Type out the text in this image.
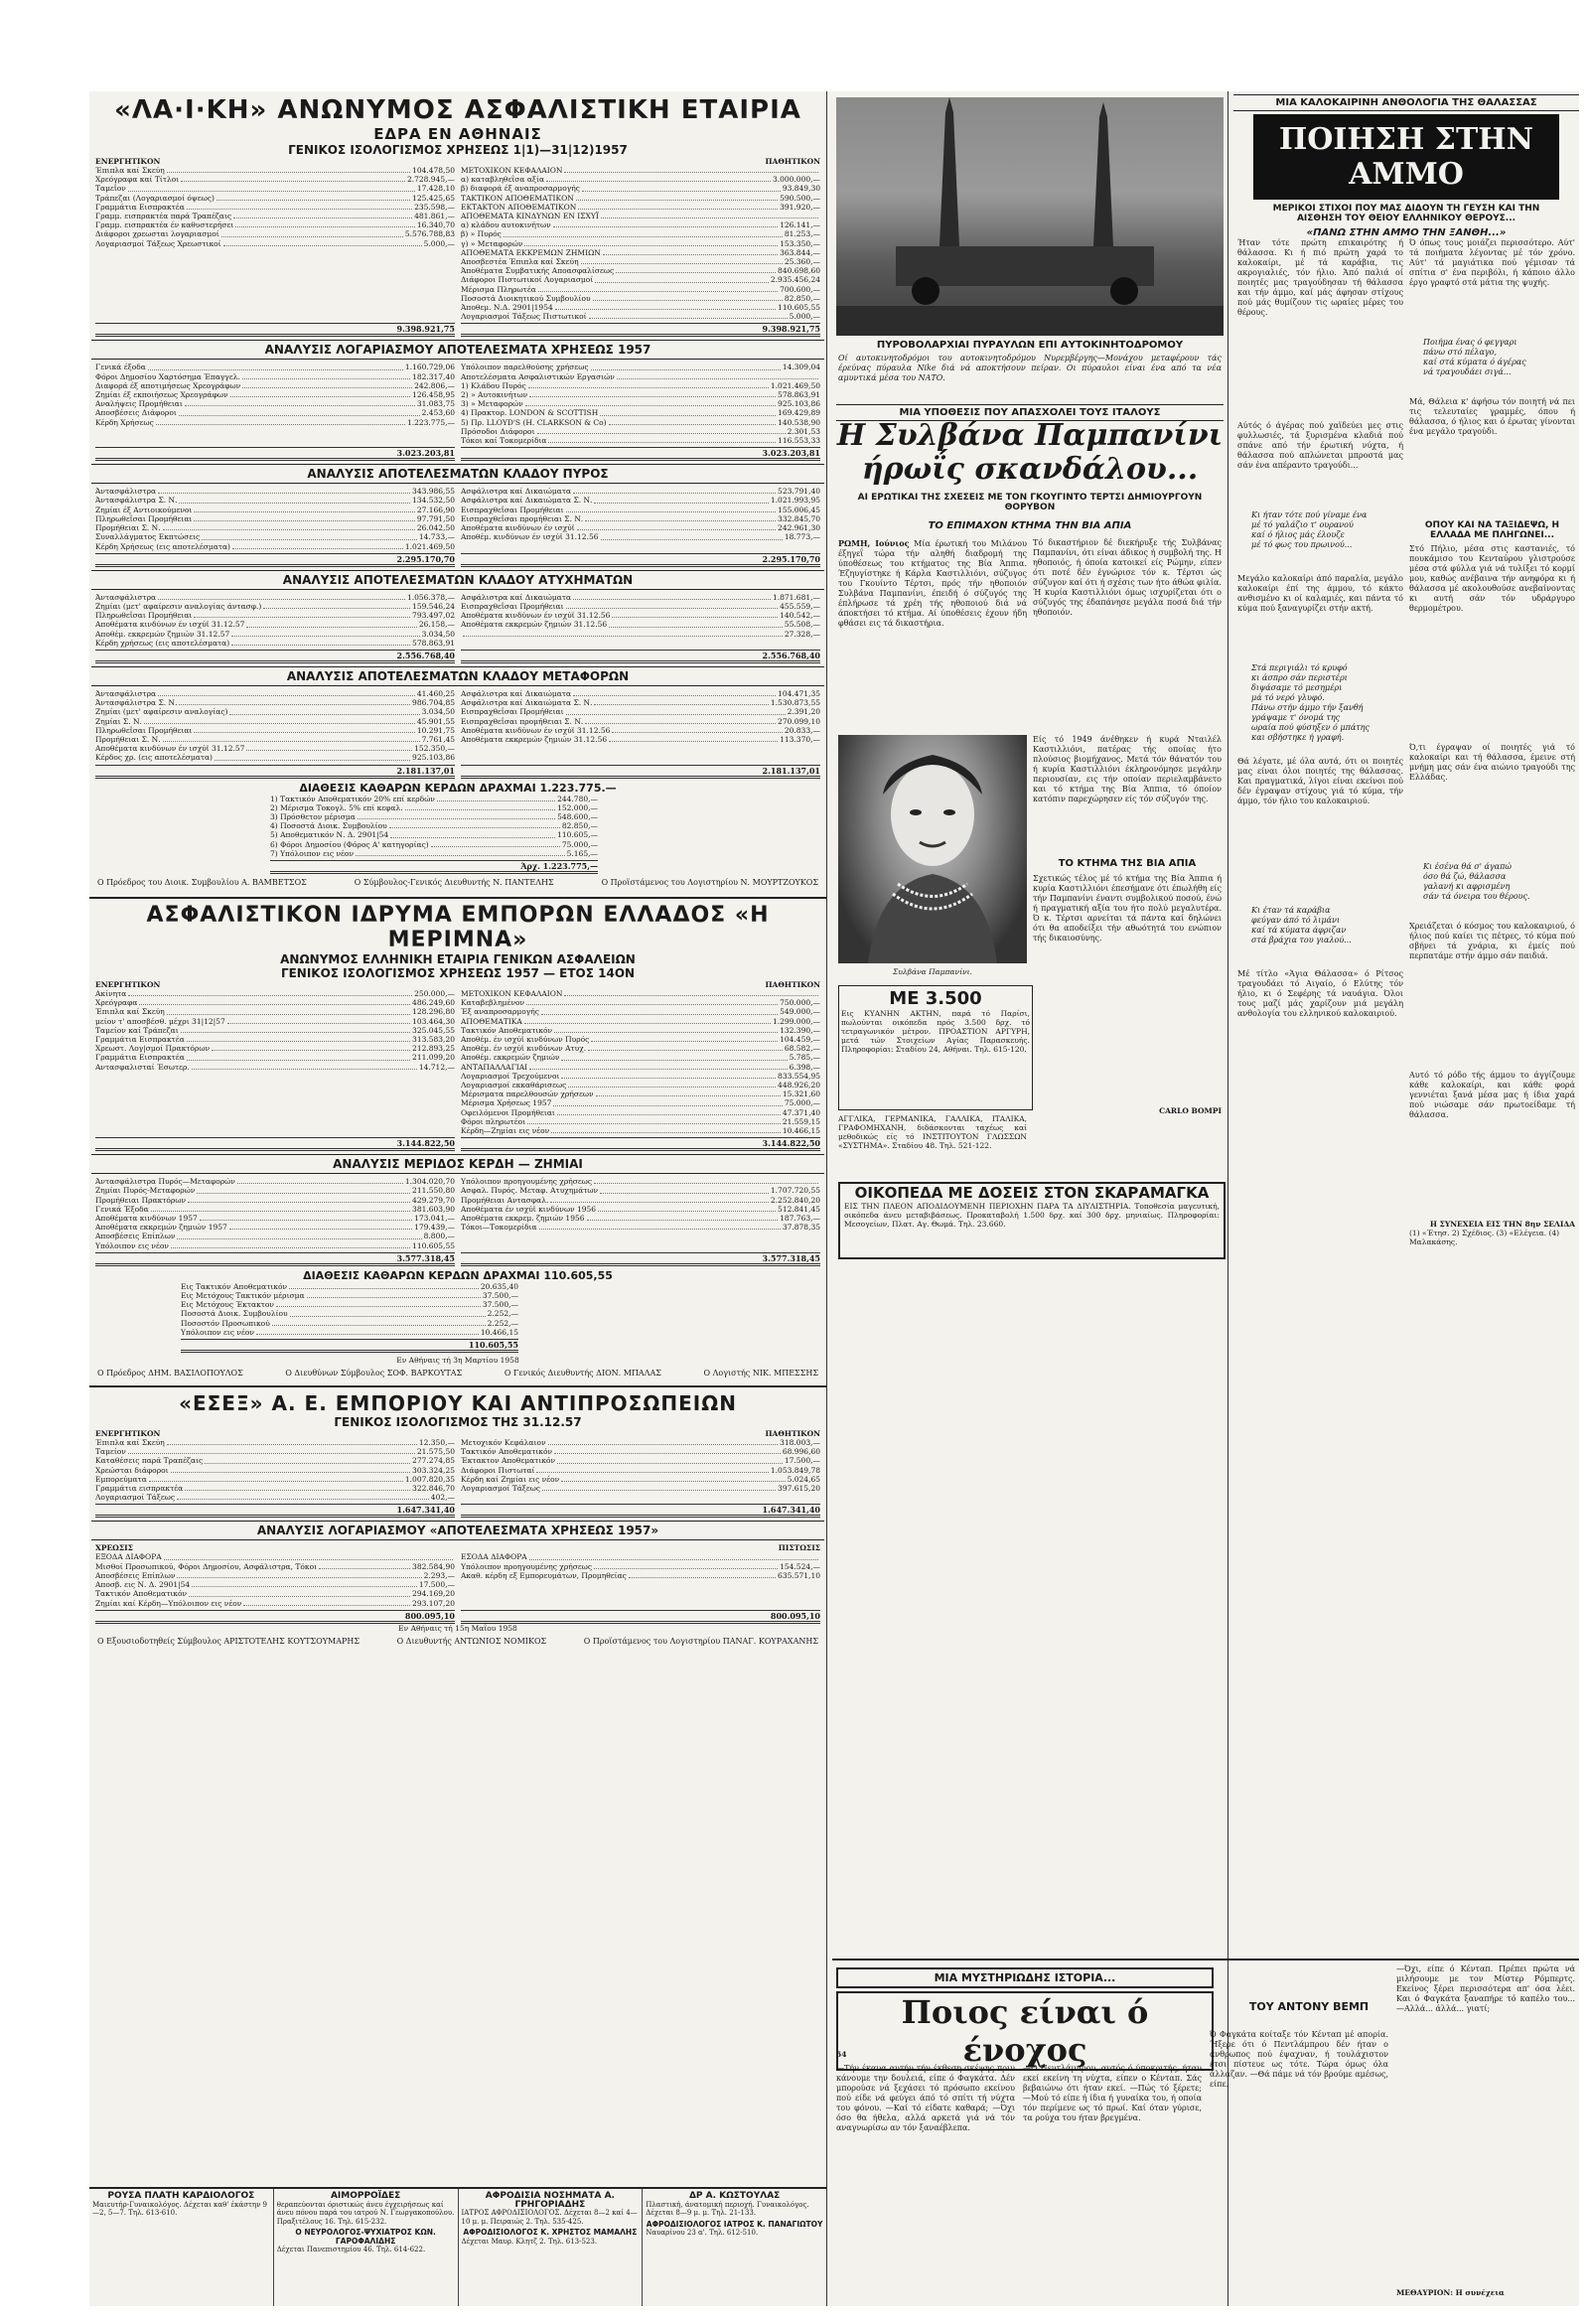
«ΛΑ·Ι·ΚΗ» ΑΝΩΝΥΜΟΣ ΑΣΦΑΛΙΣΤΙΚΗ ΕΤΑΙΡΙΑ
ΕΔΡΑ ΕΝ ΑΘΗΝΑΙΣ
ΓΕΝΙΚΟΣ ΙΣΟΛΟΓΙΣΜΟΣ ΧΡΗΣΕΩΣ 1|1)—31|12)1957
ΕΝΕΡΓΗΤΙΚΟΝ
Έπιπλα καί Σκεύη	104.478,50
Χρεόγραφα καί Τίτλοι	2.728.945,—
Ταμεΐον	17.428,10
Τράπεζαι (Λογαριασμοί όψεως)	125.425,65
Γραμμάτια Εισπρακτέα	235.598,—
Γραμμ. εισπρακτέα παρά Τραπέζαις	481.861,—
Γραμμ. εισπρακτέα έν καθυστερήσει	16.340,70
Διάφοροι χρεωσται λογαριασμοί	5.576.788,83
Λογαριασμοί Τάξεως Χρεωστικοί	5.000,—
ΠΑΘΗΤΙΚΟΝ
ΜΕΤΟΧΙΚΟΝ ΚΕΦΑΛΑΙΟΝ
α) καταβληθεΐσα αξία	3.000.000,—
β) διαφορά έξ αναπροσαρμογής	93.849,30
ΤΑΚΤΙΚΟΝ ΑΠΟΘΕΜΑΤΙΚΟΝ	590.500,—
ΕΚΤΑΚΤΟΝ ΑΠΟΘΕΜΑΤΙΚΟΝ	391.920,—
ΑΠΟΘΕΜΑΤΑ ΚΙΝΔΥΝΩΝ ΕΝ ΙΣΧΥΪ
α) κλάδου αυτοκινήτων	126.141,—
β) » Πυρός	81.253,—
γ) » Μεταφορών	153.350,—
ΑΠΟΘΕΜΑΤΑ ΕΚΚΡΕΜΩΝ ΖΗΜΙΩΝ	363.844,—
Αποσβεστέα Έπιπλα καί Σκεύη	25.360,—
Άποθέματα Συμβατικής Αποασφαλίσεως	840.698,60
Διάφοροι Πιστωτικοί Λογαριασμοί	2.935.456,24
Μέρισμα Πληρωτέα	700.600,—
Ποσοστά Διοικητικού Συμβουλίου	82.850,—
Άποθεμ. Ν.Δ. 2901|1954	110.605,55
Λογαριασμοί Τάξεως Πιστωτικοί	5.000,—
9.398.921,75	9.398.921,75
ΑΝΑΛΥΣΙΣ ΛΟΓΑΡΙΑΣΜΟΥ ΑΠΟΤΕΛΕΣΜΑΤΑ ΧΡΗΣΕΩΣ 1957
Γενικά έξοδα	1.160.729,06
Φόροι Δημοσίου Χαρτόσημα Έπαγγελ.	182.317,40
Διαφορά έξ αποτιμήσεως Χρεογράφων	242.806,—
Ζημίαι έξ εκποιήσεως Χρεογράφων	126.458,95
Αναλήψεις Προμήθειαι	31.083,75
Αποσβέσεις Διάφοροι	2.453,60
Κέρδη Χρήσεως	1.223.775,—
Υπόλοιπον παρελθούσης χρήσεως	14.309,04
Αποτελέσματα Ασφαλιστικών Εργασιών
1) Κλάδου Πυρός	1.021.469,50
2) » Αυτοκινήτων	578.863,91
3) » Μεταφορών	925.103,86
4) Πρακτορ. LONDON & SCOTTISH	169.429,89
5) Πρ. LLOYD'S (H. CLARKSON & Co)	140.538,90
Πρόσοδοι Διάφοροι	2.301,53
Τόκοι καί Τοκομερίδια	116.553,33
3.023.203,81	3.023.203,81
ΑΝΑΛΥΣΙΣ ΑΠΟΤΕΛΕΣΜΑΤΩΝ ΚΛΑΔΟΥ ΠΥΡΟΣ
Άντασφάλιστρα	343.986,55
Άντασφάλιστρα Σ. Ν.	134.532,50
Ζημίαι έξ Αντιοικούμενοι	27.166,90
Πληρωθεΐσαι Προμήθειαι	97.791,50
Προμήθειαι Σ. Ν.	26.042,50
Συναλλάγματος Εκπτώσεις	14.733,—
Κέρδη Χρήσεως (εις αποτελέσματα)	1.021.469,50
Ασφάλιστρα καί Δικαιώματα	523.791,40
Ασφάλιστρα καί Δικαιώματα Σ. Ν.	1.021.993,95
Εισπραχθεΐσαι Προμήθειαι	155.006,45
Εισπραχθεΐσαι προμήθειαι Σ. Ν.	332.845,70
Αποθέματα κινδύνων έν ισχύϊ	242.961,30
Αποθέμ. κινδύνων έν ισχύϊ 31.12.56	18.773,—
2.295.170,70	2.295.170,70
ΑΝΑΛΥΣΙΣ ΑΠΟΤΕΛΕΣΜΑΤΩΝ ΚΛΑΔΟΥ ΑΤΥΧΗΜΑΤΩΝ
Άντασφάλιστρα	1.056.378,—
Ζημίαι (μετ' αφαίρεσιν αναλογίας άντασφ.)	159.546,24
Πληρωθεΐσαι Προμήθειαι	793.497,02
Αποθέματα κινδύνων έν ισχύϊ 31.12.57	26.158,—
Αποθέμ. εκκρεμών ζημιών 31.12.57	3.034,50
Κέρδη χρήσεως (εις αποτελέσματα)	578.863,91
Ασφάλιστρα καί Δικαιώματα	1.871.681,—
Εισπραχθεΐσαι Προμήθειαι	455.559,—
Αποθέματα κινδύνων έν ισχύϊ 31.12.56	140.542,—
Αποθέματα εκκρεμών ζημιών 31.12.56	55.508,—
27.328,—
2.556.768,40	2.556.768,40
ΑΝΑΛΥΣΙΣ ΑΠΟΤΕΛΕΣΜΑΤΩΝ ΚΛΑΔΟΥ ΜΕΤΑΦΟΡΩΝ
Άντασφάλιστρα	41.460,25
Άντασφάλιστρα Σ. Ν.	986.704,85
Ζημίαι (μετ' αφαίρεσιν αναλογίας)	3.034,50
Ζημίαι Σ. Ν.	45.901,55
Πληρωθεΐσαι Προμήθειαι	10.291,75
Προμήθειαι Σ. Ν.	7.761,45
Αποθέματα κινδύνων έν ισχύϊ 31.12.57	152.350,—
Κέρδος χρ. (εις αποτελέσματα)	925.103,86
Ασφάλιστρα καί Δικαιώματα	104.471,35
Ασφάλιστρα καί Δικαιώματα Σ. Ν.	1.530.873,55
Εισπραχθεΐσαι Προμήθειαι	2.391,20
Εισπραχθεΐσαι προμήθειαι Σ. Ν.	270.099,10
Αποθέματα κινδύνων έν ισχύϊ 31.12.56	20.833,—
Αποθέματα εκκρεμών ζημιών 31.12.56	113.370,—
2.181.137,01	2.181.137,01
ΔΙΑΘΕΣΙΣ ΚΑΘΑΡΩΝ ΚΕΡΔΩΝ ΔΡΑΧΜΑΙ 1.223.775.—
1) Τακτικόν Αποθεματικόν 20% επί κερδών	244.780,—
2) Μέρισμα Τοκογλ. 5% επί κεφαλ.	152.000,—
3) Πρόσθετον μέρισμα	548.600,—
4) Ποσοστά Διοικ. Συμβουλίου	82.850,—
5) Αποθεματικόν Ν. Δ. 2901|54	110.605,—
6) Φόροι Δημοσίου (Φόρος Α' κατηγορίας)	75.000,—
7) Υπόλοιπον εις νέον	5.165,—
Άρχ. 1.223.775,—
Ο Πρόεδρος του Διοικ. Συμβουλίου Α. ΒΑΜΒΕΤΣΟΣ	Ο Σύμβουλος-Γενικός Διευθυντής Ν. ΠΑΝΤΕΛΗΣ	Ο Προϊστάμενος του Λογιστηρίου Ν. ΜΟΥΡΤΖΟΥΚΟΣ
ΑΣΦΑΛΙΣΤΙΚΟΝ ΙΔΡΥΜΑ ΕΜΠΟΡΩΝ ΕΛΛΑΔΟΣ «Η ΜΕΡΙΜΝΑ»
ΑΝΩΝΥΜΟΣ ΕΛΛΗΝΙΚΗ ΕΤΑΙΡΙΑ ΓΕΝΙΚΩΝ ΑΣΦΑΛΕΙΩΝ
ΓΕΝΙΚΟΣ ΙΣΟΛΟΓΙΣΜΟΣ ΧΡΗΣΕΩΣ 1957 — ΕΤΟΣ 14ΟΝ
ΕΝΕΡΓΗΤΙΚΟΝ
Ακίνητα	250.000,—
Χρεόγραφα	486.249,60
Έπιπλα καί Σκεύη	128.296,80
μείον τ' αποσβέσθ. μέχρι 31|12|57	103.464,30
Ταμείον καί Τράπεζαι	325.045,55
Γραμμάτια Εισπρακτέα	313.583,20
Χρεωστ. Λογ|σμοί Πρακτόρων	212.893,25
Γραμμάτια Εισπρακτέα	211.099,20
Αντασφαλισταί Έσωτερ.	14.712,—
ΠΑΘΗΤΙΚΟΝ
ΜΕΤΟΧΙΚΟΝ ΚΕΦΑΛΑΙΟΝ
Καταβεβλημένον	750.000,—
Έξ αναπροσαρμογής	549.000,—
ΑΠΟΘΕΜΑΤΙΚΑ	1.299.000,—
Τακτικόν Αποθεματικόν	132.390,—
Αποθέμ. έν ισχύϊ κινδύνων Πυρός	104.459,—
Αποθέμ. έν ισχύϊ κινδύνων Ατυχ.	68.582,—
Αποθέμ. εκκρεμών ζημιών	5.785,—
ΑΝΤΑΠΑΛΛΑΓΙΑΙ	6.398,—
Λογαριασμοί Τρεχούμενοι	833.554,95
Λογαριασμοί εκκαθάρισεως	448.926,20
Μέρισματα παρελθουσών χρήσεων	15.321,60
Μέρισμα Χρήσεως 1957	75.000,—
Οφειλόμενοι Προμήθειαι	47.371,40
Φόροι πληρωτέοι	21.559,15
Κέρδη—Ζημίαι εις νέον	10.466,15
3.144.822,50	3.144.822,50
ΑΝΑΛΥΣΙΣ ΜΕΡΙΔΟΣ ΚΕΡΔΗ — ΖΗΜΙΑΙ
Άντασφάλιστρα Πυρός—Μεταφορών	1.304.020,70
Ζημίαι Πυρός-Μεταφορών	211.550,80
Προμήθειαι Πρακτόρων	429.279,70
Γενικά Έξοδα	381.603,90
Αποθέματα κινδύνων 1957	173.041,—
Αποθέματα εκκρεμών ζημιών 1957	179.439,—
Αποσβέσεις Επίπλων	8.800,—
Υπόλοιπον εις νέον	110.605,55
Υπόλοιπον προηγουμένης χρήσεως
Ασφαλ. Πυρός. Μεταφ. Ατυχημάτων	1.707.720,55
Προμήθειαι Αντασφαλ.	2.252.840,20
Αποθέματα έν ισχύϊ κινδύνων 1956	512.841,45
Αποθέματα εκκρεμ. ζημιών 1956	187.763,—
Τόκοι—Τοκομερίδια	37.878,35
3.577.318,45	3.577.318,45
ΔΙΑΘΕΣΙΣ ΚΑΘΑΡΩΝ ΚΕΡΔΩΝ ΔΡΑΧΜΑΙ 110.605,55
Εις Τακτικόν Αποθεματικόν	20.635,40
Εις Μετόχους Τακτικόν μέρισμα	37.500,—
Εις Μετόχους Έκτακτον	37.500,—
Ποσοστά Διοικ. Συμβουλίου	2.252,—
Ποσοστόν Προσωπικού	2.252,—
Υπόλοιπον εις νέον	10.466,15
110.605,55
Εν Αθήναις τή 3η Μαρτίου 1958
Ο Πρόεδρος ΔΗΜ. ΒΑΣΙΛΟΠΟΥΛΟΣ	Ο Διευθύνων Σύμβουλος ΣΟΦ. ΒΑΡΚΟΥΤΑΣ	Ο Γενικός Διευθυντής ΔΙΟΝ. ΜΠΑΛΑΣ	Ο Λογιστής ΝΙΚ. ΜΠΕΣΣΗΣ
«ΕΣΕΞ» Α. Ε. ΕΜΠΟΡΙΟΥ ΚΑΙ ΑΝΤΙΠΡΟΣΩΠΕΙΩΝ
ΓΕΝΙΚΟΣ ΙΣΟΛΟΓΙΣΜΟΣ ΤΗΣ 31.12.57
ΕΝΕΡΓΗΤΙΚΟΝ
Έπιπλα καί Σκεύη	12.350,—
Ταμείον	21.575,50
Καταθέσεις παρά Τραπέζαις	277.274,85
Χρεώσται διάφοροι	303.324,25
Εμπορεύματα	1.007.820,35
Γραμμάτια εισπρακτέα	322.846,70
Λογαριασμοί Τάξεως	402,—
ΠΑΘΗΤΙΚΟΝ
Μετοχικόν Κεφάλαιον	318.003,—
Τακτικόν Αποθεματικόν	68.996,60
Έκτακτον Αποθεματικόν	17.500,—
Διάφοροι Πιστωταί	1.053.849,78
Κέρδη καί Ζημίαι εις νέον	5.024,65
Λογαριασμοί Τάξεως	397.615,20
1.647.341,40	1.647.341,40
ΑΝΑΛΥΣΙΣ ΛΟΓΑΡΙΑΣΜΟΥ «ΑΠΟΤΕΛΕΣΜΑΤΑ ΧΡΗΣΕΩΣ 1957»
ΧΡΕΩΣΙΣ
ΕΞΟΔΑ ΔΙΑΦΟΡΑ
Μισθοί Προσωπικού, Φόροι Δημοσίου, Ασφάλιστρα, Τόκοι	382.584,90
Αποσβέσεις Επίπλων	2.293,—
Αποσβ. εις Ν. Δ. 2901|54	17.500,—
Τακτικόν Αποθεματικόν	294.169,20
Ζημίαι καί Κέρδη—Υπόλοιπον εις νέον	293.107,20
ΠΙΣΤΩΣΙΣ
ΕΣΟΔΑ ΔΙΑΦΟΡΑ
Υπόλοιπον προηγουμένης χρήσεως	154.524,—
Ακαθ. κέρδη εξ Εμπορευμάτων, Προμηθείας	635.571,10
800.095,10	800.095,10
Εν Αθήναις τή 15η Μαΐου 1958
Ο Εξουσιοδοτηθείς Σύμβουλος ΑΡΙΣΤΟΤΕΛΗΣ ΚΟΥΤΣΟΥΜΑΡΗΣ	Ο Διευθυντής ΑΝΤΩΝΙΟΣ ΝΟΜΙΚΟΣ	Ο Προϊστάμενος του Λογιστηρίου ΠΑΝΑΓ. ΚΟΥΡΑΧΑΝΗΣ
ΡΟΥΣΑ ΠΛΑΤΗ ΚΑΡΔΙΟΛΟΓΟΣ
Μαιευτήρ-Γυναικολόγος. Δέχεται καθ' έκάστην 9—2, 5—7. Τηλ. 613-610.
ΑΙΜΟΡΡΟΪΔΕΣ
θεραπεύονται όριστικώς άνευ έγχειρήσεως καί άνευ πόνου παρά του ιατρού Ν. Γεωργακοπούλου. Πραξιτέλους 16. Τηλ. 615-232.

Ο ΝΕΥΡΟΛΟΓΟΣ-ΨΥΧΙΑΤΡΟΣ ΚΩΝ. ΓΑΡΟΦΑΛΙΔΗΣ
Δέχεται Πανεπιστημίου 46. Τηλ. 614-622.
ΑΦΡΟΔΙΣΙΑ ΝΟΣΗΜΑΤΑ Α. ΓΡΗΓΟΡΙΑΔΗΣ
ΙΑΤΡΟΣ ΑΦΡΟΔΙΣΙΟΛΟΓΟΣ. Δέχεται 8—2 καί 4—10 μ. μ. Πειραιώς 2. Τηλ. 535-425.

ΑΦΡΟΔΙΣΙΟΛΟΓΟΣ Κ. ΧΡΗΣΤΟΣ ΜΑΜΑΛΗΣ
Δέχεται Μαυρ. Κλητζ 2. Τηλ. 613-523.
ΔΡ Α. ΚΩΣΤΟΥΛΑΣ
Πλαστική, άνατομική περιοχή. Γυναικολόγος. Δέχεται 8—9 μ. μ. Τηλ. 21-133.

ΑΦΡΟΔΙΣΙΟΛΟΓΟΣ ΙΑΤΡΟΣ Κ. ΠΑΝΑΓΙΩΤΟΥ
Ναυαρίνου 23 α'. Τηλ. 612-510.
ΠΥΡΟΒΟΛΑΡΧΙΑΙ ΠΥΡΑΥΛΩΝ ΕΠΙ ΑΥΤΟΚΙΝΗΤΟΔΡΟΜΟΥ
Οί αυτοκινητοδρόμοι του αυτοκινητοδρόμου Νυρεμβέργης—Μονάχου μεταφέρουν τάς έρεύνας πύραυλα Nike διά νά αποκτήσουν πείραν. Οι πύραυλοι είναι ένα από τα νέα αμυντικά μέσα του ΝΑΤΟ.
ΜΙΑ ΥΠΟΘΕΣΙΣ ΠΟΥ ΑΠΑΣΧΟΛΕΙ ΤΟΥΣ ΙΤΑΛΟΥΣ
Η Συλβάνα Παμπανίνι ήρωΐς σκανδάλου...
ΑΙ ΕΡΩΤΙΚΑΙ ΤΗΣ ΣΧΕΣΕΙΣ ΜΕ ΤΟΝ ΓΚΟΥΓΙΝΤΟ ΤΕΡΤΣΙ ΔΗΜΙΟΥΡΓΟΥΝ ΘΟΡΥΒΟΝ
ΤΟ ΕΠΙΜΑΧΟΝ ΚΤΗΜΑ ΤΗΝ ΒΙΑ ΑΠΙΑ
ΡΩΜΗ, Ιούνιος Μία έρωτική του Μιλάνου έξηγεΐ τώρα τήν αληθή διαδρομή της ύποθέσεως του κτήματος της Βία Άππια. Έζηυγίστηκε ή Κάρλα Καστιλλιόνι, σύζυγος του Γκουίντο Τέρτσι, πρός τήν ηθοποιόν Συλβάνα Παμπανίνι, έπειδή ό σύζυγός της έπλήρωσε τά χρέη τής ηθοποιού διά νά άποκτήσει τό κτήμα. Αί ύποθέσεις έχουν ήδη φθάσει εις τά δικαστήρια.
Τό δικαστήριον δέ διεκήρυξε τής Συλβάνας Παμπανίνι, ότι είναι άδικος ή συμβολή της. Η ηθοποιός, ή όποία κατοικεί είς Ρώμην, είπεν ότι ποτέ δέν έγνώρισε τόν κ. Τέρτσι ώς σύζυγον καί ότι ή σχέσις των ήτο άθώα φιλία. Ή κυρία Καστιλλιόνι όμως ισχυρίζεται ότι ο σύζυγός της έδαπάνησε μεγάλα ποσά διά τήν ηθοποιόν.
Συλβάνα Παμπανίνι.
Είς τό 1949 άνέθηκεν ή κυρά Νταιλέλ Καστιλλιόνι, πατέρας τής οποίας ήτο πλούσιος βιομήχανος. Μετά τόν θάνατόν του ή κυρία Καστιλλιόνι έκληρονόμησε μεγάλην περιουσίαν, εις τήν οποίαν περιελαμβάνετο και τό κτήμα της Βία Άππια, τό όποίον κατόπιν παρεχώρησεν είς τόν σύζυγόν της.
ΤΟ ΚΤΗΜΑ ΤΗΣ ΒΙΑ ΑΠΙΑ
Σχετικώς τέλος μέ τό κτήμα της Βία Άππια ή κυρία Καστιλλιόνι έπεσήμανε ότι έπωλήθη είς τήν Παμπανίνι έναντι συμβολικού ποσού, ένώ ή πραγματική αξία του ήτο πολύ μεγαλυτέρα. Ό κ. Τέρτσι αρνείται τά πάντα καί δηλώνει ότι θα αποδείξει τήν αθωότητά του ενώπιον τής δικαιοσύνης.
CARLO BOMPI
ΜΕ 3.500
Εις ΚΥΑΝΗΝ ΑΚΤΗΝ, παρά τό Παρίσι, πωλούνται οικόπεδα πρός 3.500 δρχ. τό τετραγωνικόν μέτρον. ΠΡΟΑΣΤΙΟΝ ΑΡΓΥΡΗ, μετά τών Στοιχείων Αγίας Παρασκευής. Πληροφορίαι: Σταδίου 24, Αθήναι. Τηλ. 615-120.
ΑΓΓΛΙΚΑ, ΓΕΡΜΑΝΙΚΑ, ΓΑΛΛΙΚΑ, ΙΤΑΛΙΚΑ, ΓΡΑΦΟΜΗΧΑΝΗ, διδάσκονται ταχέως καί μεθοδικώς είς τό ΙΝΣΤΙΤΟΥΤΟΝ ΓΛΩΣΣΩΝ «ΣΥΣΤΗΜΑ». Σταδίου 48. Τηλ. 521-122.
ΟΙΚΟΠΕΔΑ ΜΕ ΔΟΣΕΙΣ ΣΤΟΝ ΣΚΑΡΑΜΑΓΚΑ
ΕΙΣ ΤΗΝ ΠΛΕΟΝ ΑΠΟΔΙΔΟΥΜΕΝΗ ΠΕΡΙΟΧΗΝ ΠΑΡΑ ΤΑ ΔΙΥΛΙΣΤΗΡΙΑ. Τοποθεσία μαγευτική, οικόπεδα άνευ μεταβιβάσεως. Προκαταβολή 1.500 δρχ. καί 300 δρχ. μηνιαίως. Πληροφορίαι: Μεσογείων, Πλατ. Αγ. Θωμά. Τηλ. 23.660.
ΜΙΑ ΚΑΛΟΚΑΙΡΙΝΗ ΑΝΘΟΛΟΓΙΑ ΤΗΣ ΘΑΛΑΣΣΑΣ
ΠΟΙΗΣΗ ΣΤΗΝ ΑΜΜΟ
ΜΕΡΙΚΟΙ ΣΤΙΧΟΙ ΠΟΥ ΜΑΣ ΔΙΔΟΥΝ ΤΗ ΓΕΥΣΗ ΚΑΙ ΤΗΝ ΑΙΣΘΗΣΗ ΤΟΥ ΘΕΙΟΥ ΕΛΛΗΝΙΚΟΥ ΘΕΡΟΥΣ...
«ΠΑΝΩ ΣΤΗΝ ΑΜΜΟ ΤΗΝ ΞΑΝΘΗ...»
Ήταν τότε πρώτη επικαιρότης ή θάλασσα. Κι ή πιό πρώτη χαρά το καλοκαίρι, μέ τά καράβια, τις ακρογιαλιές, τόν ήλιο. Άπό παλιά οί ποιητές μας τραγούδησαν τή θάλασσα και τήν άμμο, καί μάς άφησαν στίχους πού μάς θυμίζουν τις ωραίες μέρες του θέρους.
Αύτός ό άγέρας πού χαϊδεύει μες στις φυλλωσιές, τά ξυρισμένα κλαδιά πού σπάνε από τήν έρωτική νύχτα, ή θάλασσα πού απλώνεται μπροστά μας σάν ένα απέραντο τραγούδι...
Κι ήταν τότε πού γίναμε ένα
μέ τό γαλάζιο τ' ουρανού
καί ό ήλιος μάς έλουζε
μέ τό φως του πρωινού...
Μεγάλο καλοκαίρι άπό παραλία, μεγάλο καλοκαίρι έπί της άμμου, τό κάκτο ανθισμένο κι οί καλαμιές, και πάντα τό κύμα πού ξαναγυρίζει στήν ακτή.
Στά περιγιάλι τό κρυφό
κι άσπρο σάν περιστέρι
διψάσαμε τό μεσημέρι
μά τό νερό γλυφό.
Πάνω στήν άμμο τήν ξανθή
γράψαμε τ' όνομά της
ωραία πού φύσηξεν ό μπάτης
και σβήστηκε ή γραφή.
Θά λέγατε, μέ όλα αυτά, ότι οι ποιητές μας είναι όλοι ποιητές της θάλασσας. Και πραγματικά, λίγοι είναι εκείνοι πού δέν έγραψαν στίχους γιά τό κύμα, τήν άμμο, τόν ήλιο του καλοκαιριού.
Κι έταν τά καράβια
φεύγαν άπό τό λιμάνι
καί τά κύματα άφριζαν
στά βράχια του γιαλού...
Μέ τίτλο «Άγια Θάλασσα» ό Ρίτσος τραγουδάει τό Αιγαίο, ό Ελύτης τόν ήλιο, κι ό Σεφέρης τά ναυάγια. Όλοι τους μαζί μάς χαρίζουν μιά μεγάλη ανθολογία του ελληνικού καλοκαιριού.
Ό όπως τους μοιάζει περισσότερο. Αύτ' τά ποιήματα λέγοντας μέ τόν χρόνο. Αύτ' τά μαγιάτικα πού γέμισαν τά σπίτια σ' ένα περιβόλι, ή κάποιο άλλο έργο γραφτό στά μάτια της ψυχής.
Ποιήμα ένας ό φεγγαρι
πάνω στό πέλαγο,
καί στά κύματα ό άγέρας
νά τραγουδάει σιγά...
Μά, Θάλεια κ' άφήσω τόν ποιητή νά πει τις τελευταίες γραμμές, όπου ή θάλασσα, ό ήλιος και ό έρωτας γίνονται ένα μεγάλο τραγούδι.
ΟΠΟΥ ΚΑΙ ΝΑ ΤΑΞΙΔΕΨΩ, Η ΕΛΛΑΔΑ ΜΕ ΠΛΗΓΩΝΕΙ...
Στό Πήλιο, μέσα στις καστανιές, τό πουκάμισο του Κενταύρου γλιστρούσε μέσα στά φύλλα γιά νά τυλίξει τό κορμί μου, καθώς ανέβαινα τήν ανηφόρα κι ή θάλασσα μέ ακολουθούσε ανεβαίνοντας κι αυτή σάν τόν υδράργυρο θερμομέτρου.
Ό,τι έγραψαν οί ποιητές γιά τό καλοκαίρι και τή θάλασσα, έμεινε στή μνήμη μας σάν ένα αιώνιο τραγούδι της Ελλάδας.
Κι έσένα θά σ' άγαπώ
όσο θά ζώ, θάλασσα
γαλανή κι αφρισμένη
σάν τά όνειρα του θέρους.
Χρειάζεται ό κόσμος του καλοκαιριού, ό ήλιος πού καίει τις πέτρες, τό κύμα πού σβήνει τά χνάρια, κι έμείς πού περπατάμε στήν άμμο σάν παιδιά.
Αυτό τό ρόδο τής άμμου το άγγίζουμε κάθε καλοκαίρι, και κάθε φορά γεννιέται ξανά μέσα μας ή ίδια χαρά πού νιώσαμε σάν πρωτοείδαμε τή θάλασσα.
Η ΣΥΝΕΧΕΙΑ ΕΙΣ ΤΗΝ 8ην ΣΕΛΙΔΑ
(1) «Έτησ. 2) Σχέδιος. (3) «Ελέγεια. (4) Μαλακάσης.
ΜΙΑ ΜΥΣΤΗΡΙΩΔΗΣ ΙΣΤΟΡΙΑ...
Ποιος είναι ό ένοχος
ΤΟΥ ΑΝΤΟΝΥ ΒΕΜΠ
54
—Τήν έκανα αυτήν τήν έκθεση σκέψης πριν κάνουμε την δουλειά, είπε ό Φαγκάτα. Δέν μπορούσε νά ξεχάσει τό πρόσωπο εκείνου πού είδε νά φεύγει άπό τό σπίτι τή νύχτα του φόνου. —Καί τό είδατε καθαρά; —Όχι όσο θα ήθελα, αλλά αρκετά γιά νά τόν αναγνωρίσω αν τόν ξαναέβλεπα.
—Ό Πεντλάμπρου, αυτός ό ύποκριτής, ήταν εκεί εκείνη τη νύχτα, είπεν ο Κένταπ. Σάς βεβαιώνω ότι ήταν εκεί. —Πώς τό ξέρετε; —Μού τό είπε ή ίδια ή γυναίκα του, ή οποία τόν περίμενε ως τό πρωί. Καί όταν γύρισε, τα ρούχα του ήταν βρεγμένα.
Ό Φαγκάτα κοίταξε τόν Κένταπ μέ απορία. Ήξερε ότι ό Πεντλάμπρου δέν ήταν ο άνθρωπος πού έψαχναν, ή τουλάχιστον έτσι πίστευε ως τότε. Τώρα όμως όλα άλλαζαν. —Θά πάμε νά τόν βρούμε αμέσως, είπε.
—Όχι, είπε ό Κένταπ. Πρέπει πρώτα νά μιλήσουμε με τον Μίστερ Ρόμπερτς. Εκείνος ξέρει περισσότερα απ' όσα λέει. Και ό Φαγκάτα ξαναπήρε τό καπέλο του... —Αλλά... άλλά... γιατί;
ΜΕΘΑΥΡΙΟΝ: Η συνέχεια
